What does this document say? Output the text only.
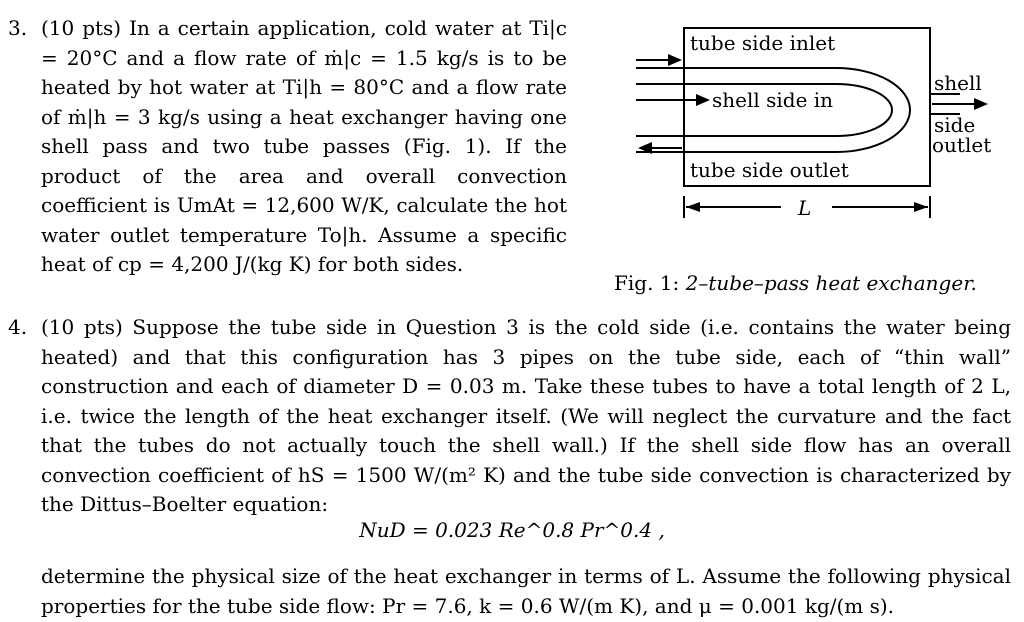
3. (10 pts) In a certain application, cold water at Ti|c = 20°C and a flow rate of ṁ|c = 1.5 kg/s is to be heated by hot water at Ti|h = 80°C and a flow rate of ṁ|h = 3 kg/s using a heat exchanger having one shell pass and two tube passes (Fig. 1). If the product of the area and overall convection coefficient is UmAt = 12,600 W/K, calculate the hot water outlet temperature To|h. Assume a specific heat of cp = 4,200 J/(kg K) for both sides.
tube side inlet
shell side in
tube side outlet
shell
side
outlet
L
Fig. 1: 2–tube–pass heat exchanger.
4. (10 pts) Suppose the tube side in Question 3 is the cold side (i.e. contains the water being heated) and that this configuration has 3 pipes on the tube side, each of “thin wall” construction and each of diameter D = 0.03 m. Take these tubes to have a total length of 2 L, i.e. twice the length of the heat exchanger itself. (We will neglect the curvature and the fact that the tubes do not actually touch the shell wall.) If the shell side flow has an overall convection coefficient of hS = 1500 W/(m² K) and the tube side convection is characterized by the Dittus–Boelter equation:
NuD = 0.023 Re^0.8 Pr^0.4 ,
determine the physical size of the heat exchanger in terms of L. Assume the following physical properties for the tube side flow: Pr = 7.6, k = 0.6 W/(m K), and μ = 0.001 kg/(m s).
